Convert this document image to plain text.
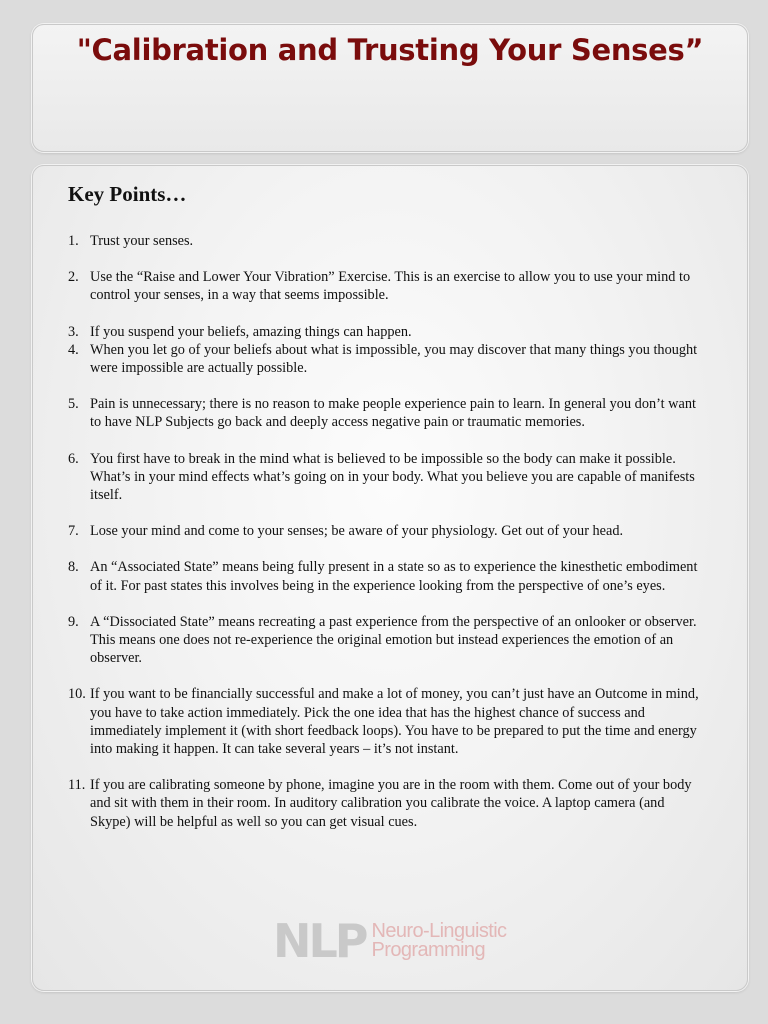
"Calibration and Trusting Your Senses”
Key Points…
1. Trust your senses.
2. Use the “Raise and Lower Your Vibration” Exercise. This is an exercise to allow you to use your mind to control your senses, in a way that seems impossible.
3. If you suspend your beliefs, amazing things can happen.
4. When you let go of your beliefs about what is impossible, you may discover that many things you thought were impossible are actually possible.
5. Pain is unnecessary; there is no reason to make people experience pain to learn. In general you don’t want to have NLP Subjects go back and deeply access negative pain or traumatic memories.
6. You first have to break in the mind what is believed to be impossible so the body can make it possible. What’s in your mind effects what’s going on in your body. What you believe you are capable of manifests itself.
7. Lose your mind and come to your senses; be aware of your physiology. Get out of your head.
8. An “Associated State” means being fully present in a state so as to experience the kinesthetic embodiment of it. For past states this involves being in the experience looking from the perspective of one’s eyes.
9. A “Dissociated State” means recreating a past experience from the perspective of an onlooker or observer. This means one does not re-experience the original emotion but instead experiences the emotion of an observer.
10. If you want to be financially successful and make a lot of money, you can’t just have an Outcome in mind, you have to take action immediately. Pick the one idea that has the highest chance of success and immediately implement it (with short feedback loops). You have to be prepared to put the time and energy into making it happen. It can take several years – it’s not instant.
11. If you are calibrating someone by phone, imagine you are in the room with them. Come out of your body and sit with them in their room. In auditory calibration you calibrate the voice. A laptop camera (and Skype) will be helpful as well so you can get visual cues.
NLP Neuro-Linguistic
Programming
